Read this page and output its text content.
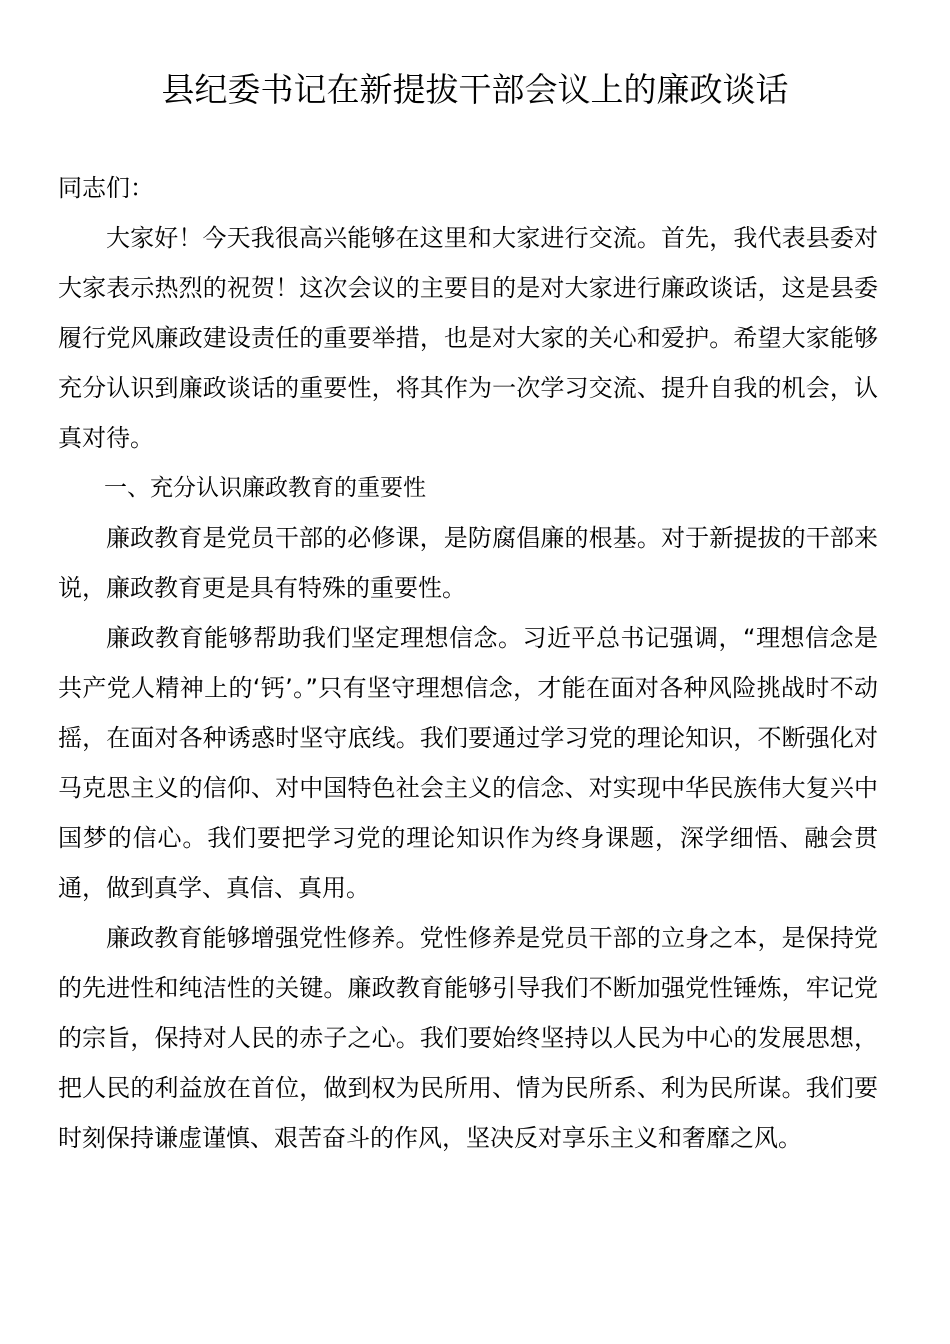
县纪委书记在新提拔干部会议上的廉政谈话

同志们：

大家好！今天我很高兴能够在这里和大家进行交流。首先，我代表县委对大家表示热烈的祝贺！这次会议的主要目的是对大家进行廉政谈话，这是县委履行党风廉政建设责任的重要举措，也是对大家的关心和爱护。希望大家能够充分认识到廉政谈话的重要性，将其作为一次学习交流、提升自我的机会，认真对待。

一、充分认识廉政教育的重要性

廉政教育是党员干部的必修课，是防腐倡廉的根基。对于新提拔的干部来说，廉政教育更是具有特殊的重要性。

廉政教育能够帮助我们坚定理想信念。习近平总书记强调，“理想信念是共产党人精神上的‘钙’。”只有坚守理想信念，才能在面对各种风险挑战时不动摇，在面对各种诱惑时坚守底线。我们要通过学习党的理论知识，不断强化对马克思主义的信仰、对中国特色社会主义的信念、对实现中华民族伟大复兴中国梦的信心。我们要把学习党的理论知识作为终身课题，深学细悟、融会贯通，做到真学、真信、真用。

廉政教育能够增强党性修养。党性修养是党员干部的立身之本，是保持党的先进性和纯洁性的关键。廉政教育能够引导我们不断加强党性锤炼，牢记党的宗旨，保持对人民的赤子之心。我们要始终坚持以人民为中心的发展思想，把人民的利益放在首位，做到权为民所用、情为民所系、利为民所谋。我们要时刻保持谦虚谨慎、艰苦奋斗的作风，坚决反对享乐主义和奢靡之风。
